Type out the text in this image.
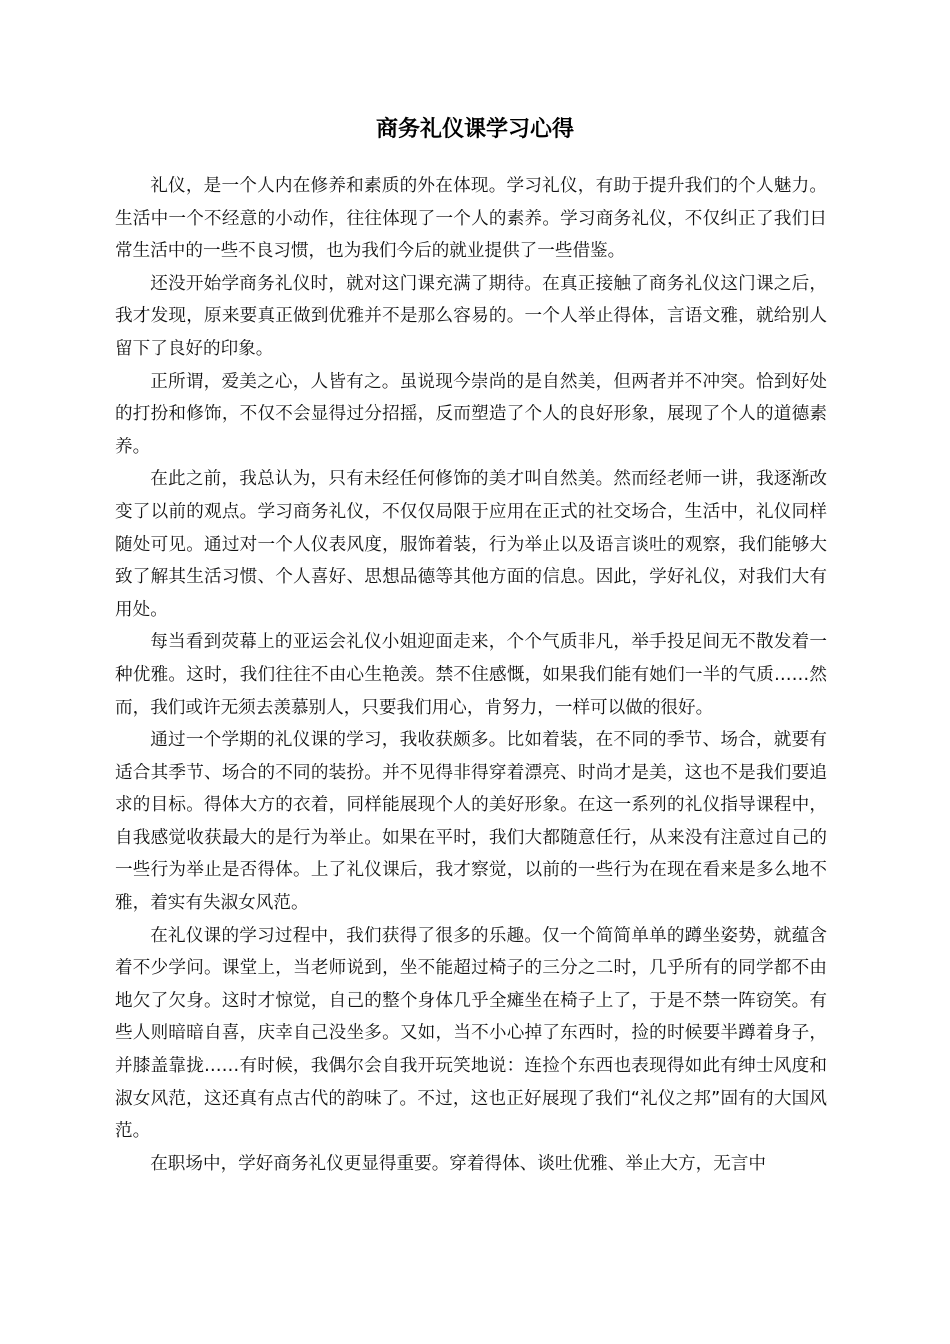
商务礼仪课学习心得

礼仪，是一个人内在修养和素质的外在体现。学习礼仪，有助于提升我们的个人魅力。生活中一个不经意的小动作，往往体现了一个人的素养。学习商务礼仪，不仅纠正了我们日常生活中的一些不良习惯，也为我们今后的就业提供了一些借鉴。

还没开始学商务礼仪时，就对这门课充满了期待。在真正接触了商务礼仪这门课之后，我才发现，原来要真正做到优雅并不是那么容易的。一个人举止得体，言语文雅，就给别人留下了良好的印象。

正所谓，爱美之心，人皆有之。虽说现今崇尚的是自然美，但两者并不冲突。恰到好处的打扮和修饰，不仅不会显得过分招摇，反而塑造了个人的良好形象，展现了个人的道德素养。

在此之前，我总认为，只有未经任何修饰的美才叫自然美。然而经老师一讲，我逐渐改变了以前的观点。学习商务礼仪，不仅仅局限于应用在正式的社交场合，生活中，礼仪同样随处可见。通过对一个人仪表风度，服饰着装，行为举止以及语言谈吐的观察，我们能够大致了解其生活习惯、个人喜好、思想品德等其他方面的信息。因此，学好礼仪，对我们大有用处。

每当看到荧幕上的亚运会礼仪小姐迎面走来，个个气质非凡，举手投足间无不散发着一种优雅。这时，我们往往不由心生艳羡。禁不住感慨，如果我们能有她们一半的气质……然而，我们或许无须去羡慕别人，只要我们用心，肯努力，一样可以做的很好。

通过一个学期的礼仪课的学习，我收获颇多。比如着装，在不同的季节、场合，就要有适合其季节、场合的不同的装扮。并不见得非得穿着漂亮、时尚才是美，这也不是我们要追求的目标。得体大方的衣着，同样能展现个人的美好形象。在这一系列的礼仪指导课程中，自我感觉收获最大的是行为举止。如果在平时，我们大都随意任行，从来没有注意过自己的一些行为举止是否得体。上了礼仪课后，我才察觉，以前的一些行为在现在看来是多么地不雅，着实有失淑女风范。

在礼仪课的学习过程中，我们获得了很多的乐趣。仅一个简简单单的蹲坐姿势，就蕴含着不少学问。课堂上，当老师说到，坐不能超过椅子的三分之二时，几乎所有的同学都不由地欠了欠身。这时才惊觉，自己的整个身体几乎全瘫坐在椅子上了，于是不禁一阵窃笑。有些人则暗暗自喜，庆幸自己没坐多。又如，当不小心掉了东西时，捡的时候要半蹲着身子，并膝盖靠拢……有时候，我偶尔会自我开玩笑地说：连捡个东西也表现得如此有绅士风度和淑女风范，这还真有点古代的韵味了。不过，这也正好展现了我们“礼仪之邦”固有的大国风范。

在职场中，学好商务礼仪更显得重要。穿着得体、谈吐优雅、举止大方，无言中
